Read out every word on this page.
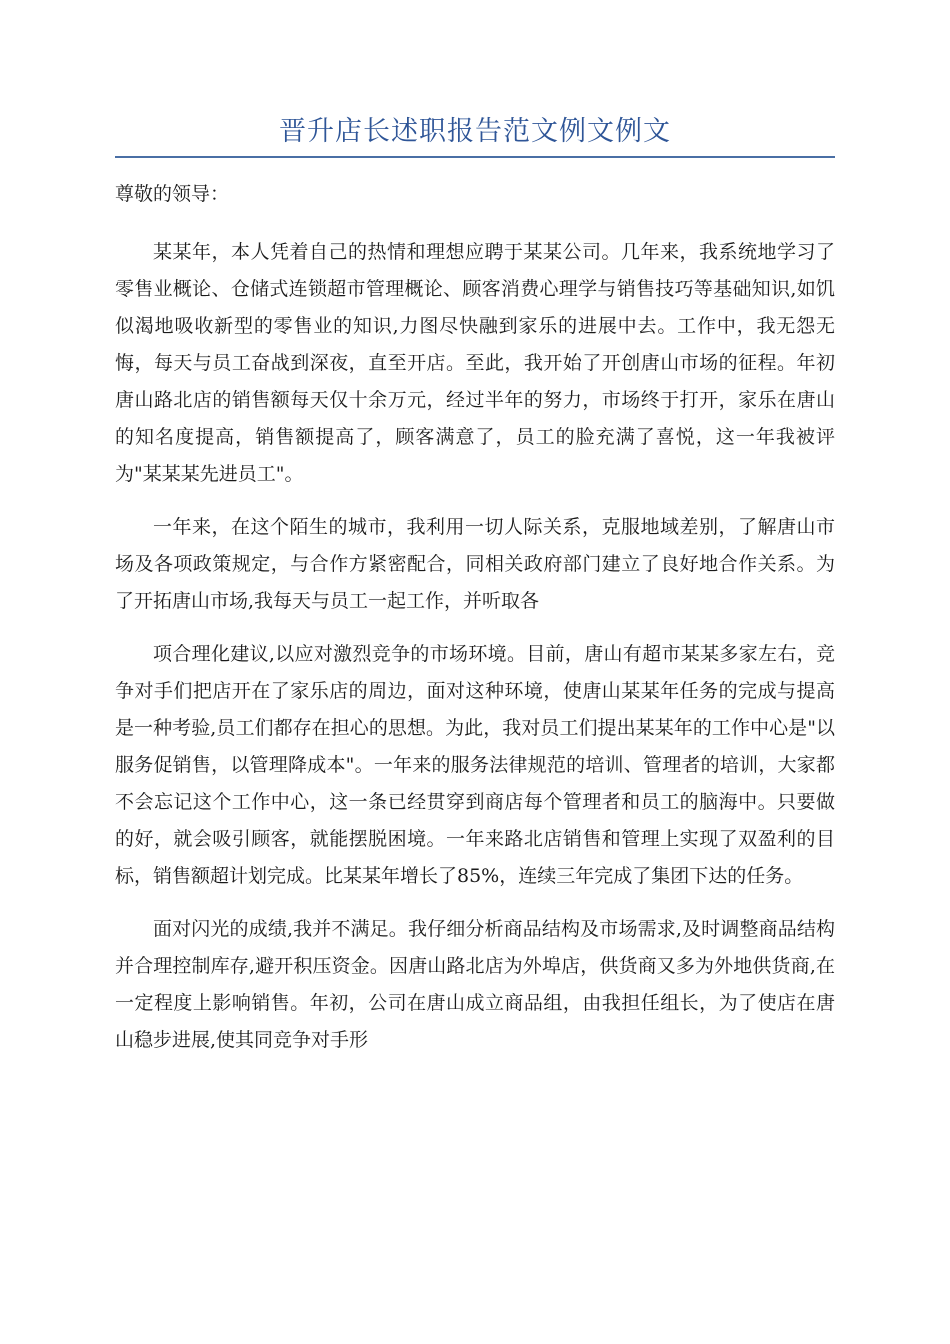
晋升店长述职报告范文例文例文

尊敬的领导：

某某年，本人凭着自己的热情和理想应聘于某某公司。几年来，我系统地学习了零售业概论、仓储式连锁超市管理概论、顾客消费心理学与销售技巧等基础知识,如饥似渴地吸收新型的零售业的知识,力图尽快融到家乐的进展中去。工作中，我无怨无悔，每天与员工奋战到深夜，直至开店。至此，我开始了开创唐山市场的征程。年初唐山路北店的销售额每天仅十余万元，经过半年的努力，市场终于打开，家乐在唐山的知名度提高，销售额提高了，顾客满意了，员工的脸充满了喜悦，这一年我被评为"某某某先进员工"。

一年来，在这个陌生的城市，我利用一切人际关系，克服地域差别，了解唐山市场及各项政策规定，与合作方紧密配合，同相关政府部门建立了良好地合作关系。为了开拓唐山市场,我每天与员工一起工作，并听取各

项合理化建议,以应对激烈竞争的市场环境。目前，唐山有超市某某多家左右，竞争对手们把店开在了家乐店的周边，面对这种环境，使唐山某某年任务的完成与提高是一种考验,员工们都存在担心的思想。为此，我对员工们提出某某年的工作中心是"以服务促销售，以管理降成本"。一年来的服务法律规范的培训、管理者的培训，大家都不会忘记这个工作中心，这一条已经贯穿到商店每个管理者和员工的脑海中。只要做的好，就会吸引顾客，就能摆脱困境。一年来路北店销售和管理上实现了双盈利的目标，销售额超计划完成。比某某年增长了85%，连续三年完成了集团下达的任务。

面对闪光的成绩,我并不满足。我仔细分析商品结构及市场需求,及时调整商品结构并合理控制库存,避开积压资金。因唐山路北店为外埠店，供货商又多为外地供货商,在一定程度上影响销售。年初，公司在唐山成立商品组，由我担任组长，为了使店在唐山稳步进展,使其同竞争对手形
